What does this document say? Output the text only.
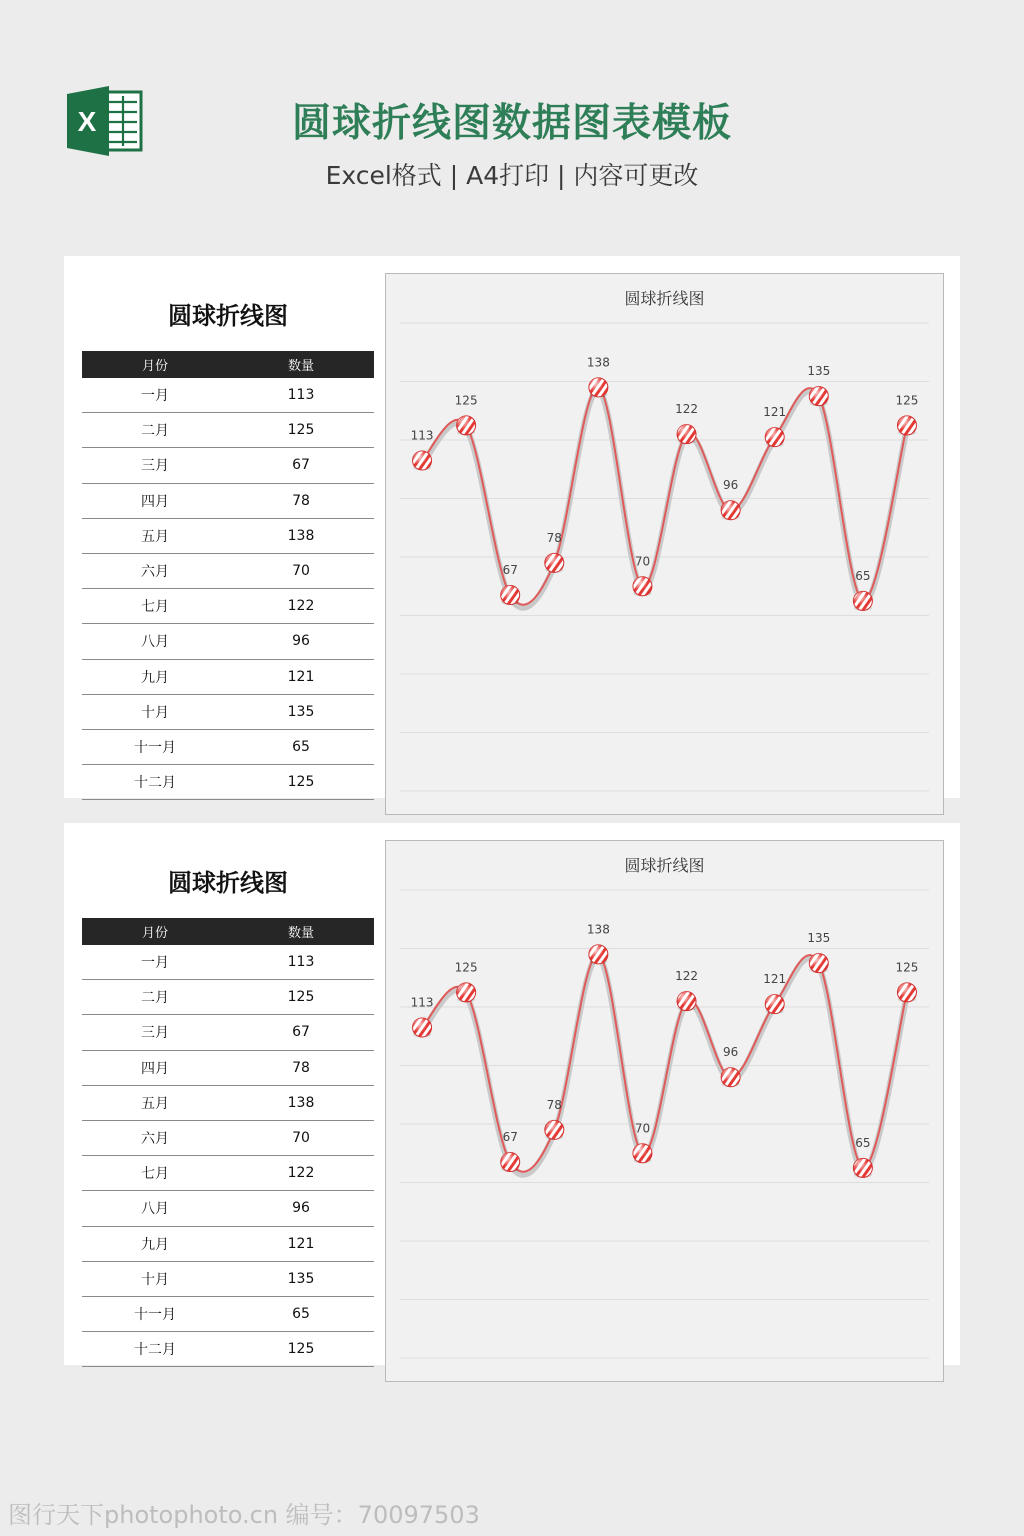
X	圆球折线图数据图表模板
Excel格式 | A4打印 | 内容可更改
圆球折线图
月份	数量
一月	113
二月	125
三月	67
四月	78
五月	138
六月	70
七月	122
八月	96
九月	121
十月	135
十一月	65
十二月	125
圆球折线图
113
125
67
78
138
70
122
96
121
135
65
125
圆球折线图
月份	数量
一月	113
二月	125
三月	67
四月	78
五月	138
六月	70
七月	122
八月	96
九月	121
十月	135
十一月	65
十二月	125
圆球折线图
113
125
67
78
138
70
122
96
121
135
65
125
图行天下photophoto.cn 编号：70097503
